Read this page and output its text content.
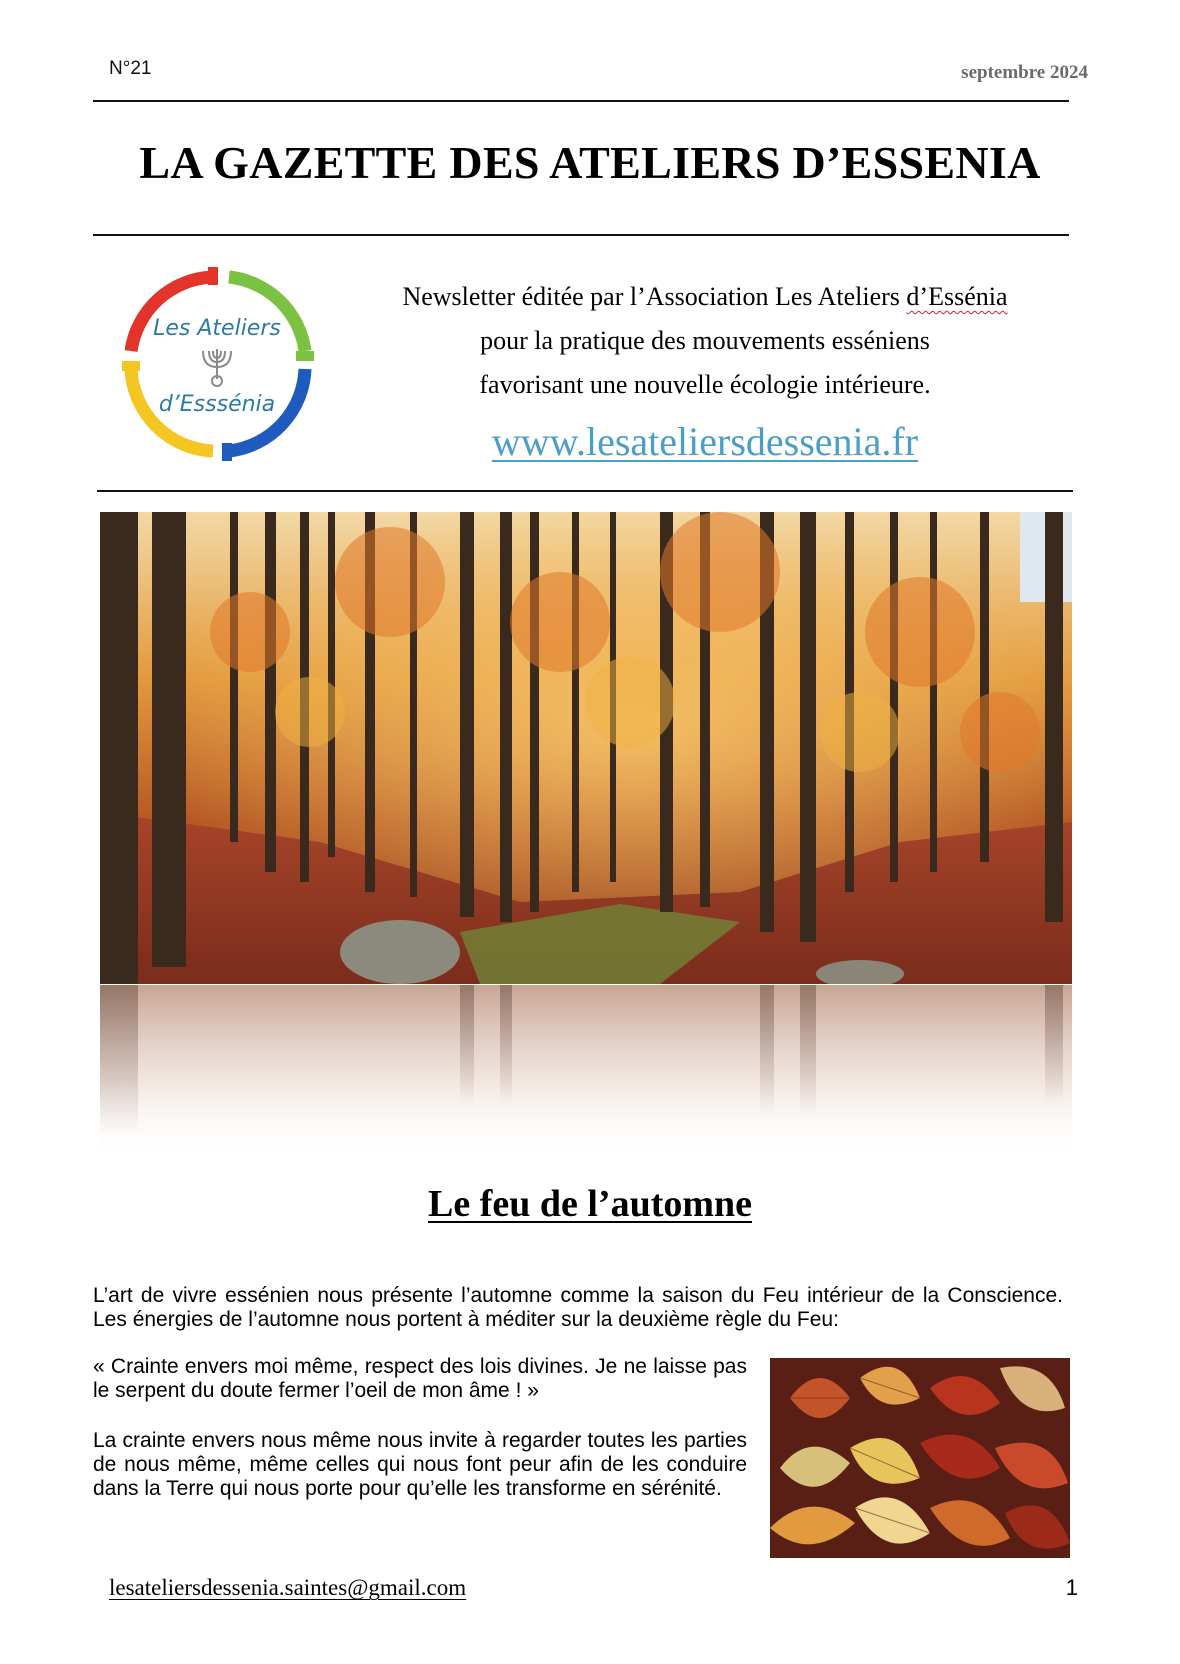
N°21	septembre 2024
LA GAZETTE DES ATELIERS D’ESSENIA
Les Ateliers
d’Esssénia
Newsletter éditée par l’Association Les Ateliers d’Essénia
pour la pratique des mouvements esséniens
favorisant une nouvelle écologie intérieure.
www.lesateliersdessenia.fr
Le feu de l’automne
L’art de vivre essénien nous présente l’automne comme la saison du Feu intérieur de la Conscience. Les énergies de l’automne nous portent à méditer sur la deuxième règle du Feu:
« Crainte envers moi même, respect des lois divines. Je ne laisse pas le serpent du doute fermer l’oeil de mon âme ! »
La crainte envers nous même nous invite à regarder toutes les parties de nous même, même celles qui nous font peur afin de les conduire dans la Terre qui nous porte pour qu’elle les transforme en sérénité.
lesateliersdessenia.saintes@gmail.com	1
